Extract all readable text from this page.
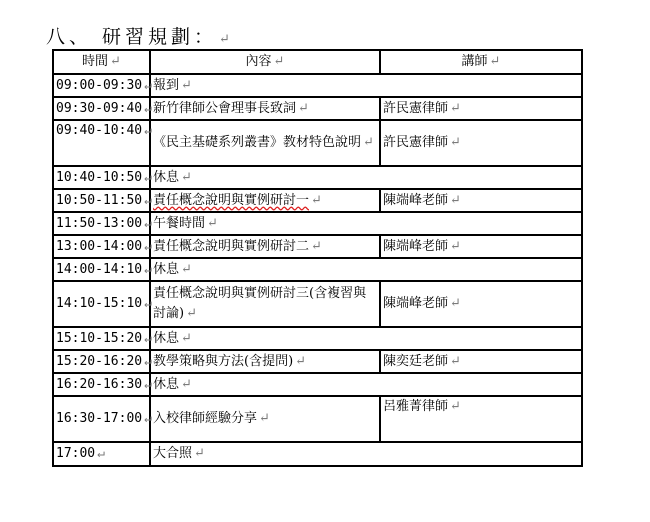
八、 研習規劃： ↵
時間 ↵	內容 ↵	講師 ↵
09:00-09:30 ↵	報到 ↵	
09:30-09:40 ↵	新竹律師公會理事長致詞 ↵	許民憲律師 ↵
09:40-10:40 ↵	《民主基礎系列叢書》教材特色說明 ↵	許民憲律師 ↵
10:40-10:50 ↵	休息 ↵	
10:50-11:50 ↵	責任概念說明與實例研討一 ↵	陳端峰老師 ↵
11:50-13:00 ↵	午餐時間 ↵	
13:00-14:00 ↵	責任概念說明與實例研討二 ↵	陳端峰老師 ↵
14:00-14:10 ↵	休息 ↵	
14:10-15:10 ↵	責任概念說明與實例研討三(含複習與討論) ↵	陳端峰老師 ↵
15:10-15:20 ↵	休息 ↵	
15:20-16:20 ↵	教學策略與方法(含提問) ↵	陳奕廷老師 ↵
16:20-16:30 ↵	休息 ↵	
16:30-17:00 ↵	入校律師經驗分享 ↵	呂雅菁律師 ↵
17:00 ↵	大合照 ↵	
